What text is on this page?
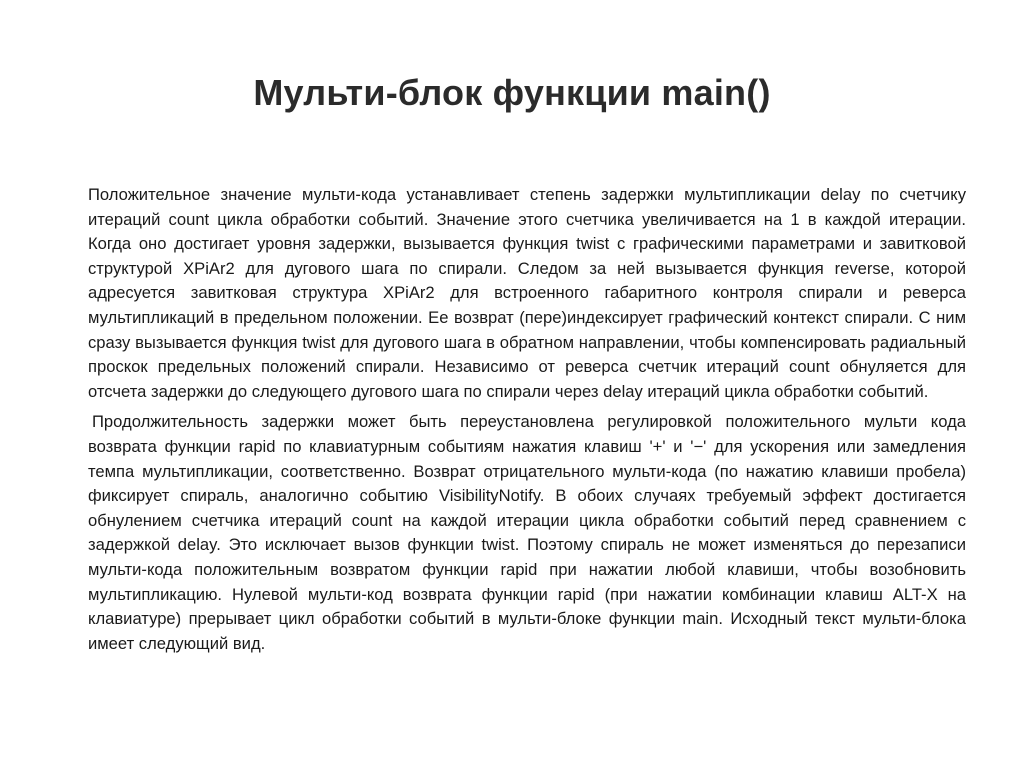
Мульти-блок функции main()

Положительное значение мульти-кода устанавливает степень задержки мультипликации delay по счетчику итераций count цикла обработки событий. Значение этого счетчика увеличивается на 1 в каждой итерации. Когда оно достигает уровня задержки, вызывается функция twist с графическими параметрами и завитковой структурой XPiAr2 для дугового шага по спирали. Следом за ней вызывается функция reverse, которой адресуется завитковая структура XPiAr2 для встроенного габаритного контроля спирали и реверса мультипликаций в предельном положении. Ее возврат (пере)индексирует графический контекст спирали. С ним сразу вызывается функция twist для дугового шага в обратном направлении, чтобы компенсировать радиальный проскок предельных положений спирали. Независимо от реверса счетчик итераций count обнуляется для отсчета задержки до следующего дугового шага по спирали через delay итераций цикла обработки событий.

Продолжительность задержки может быть переустановлена регулировкой положительного мульти кода возврата функции rapid по клавиатурным событиям нажатия клавиш '+' и '−' для ускорения или замедления темпа мультипликации, соответственно. Возврат отрицательного мульти-кода (по нажатию клавиши пробела) фиксирует спираль, аналогично событию VisibilityNotify. В обоих случаях требуемый эффект достигается обнулением счетчика итераций count на каждой итерации цикла обработки событий перед сравнением с задержкой delay. Это исключает вызов функции twist. Поэтому спираль не может изменяться до перезаписи мульти-кода положительным возвратом функции rapid при нажатии любой клавиши, чтобы возобновить мультипликацию. Нулевой мульти-код возврата функции rapid (при нажатии комбинации клавиш ALT-X на клавиатуре) прерывает цикл обработки событий в мульти-блоке функции main. Исходный текст мульти-блока имеет следующий вид.
